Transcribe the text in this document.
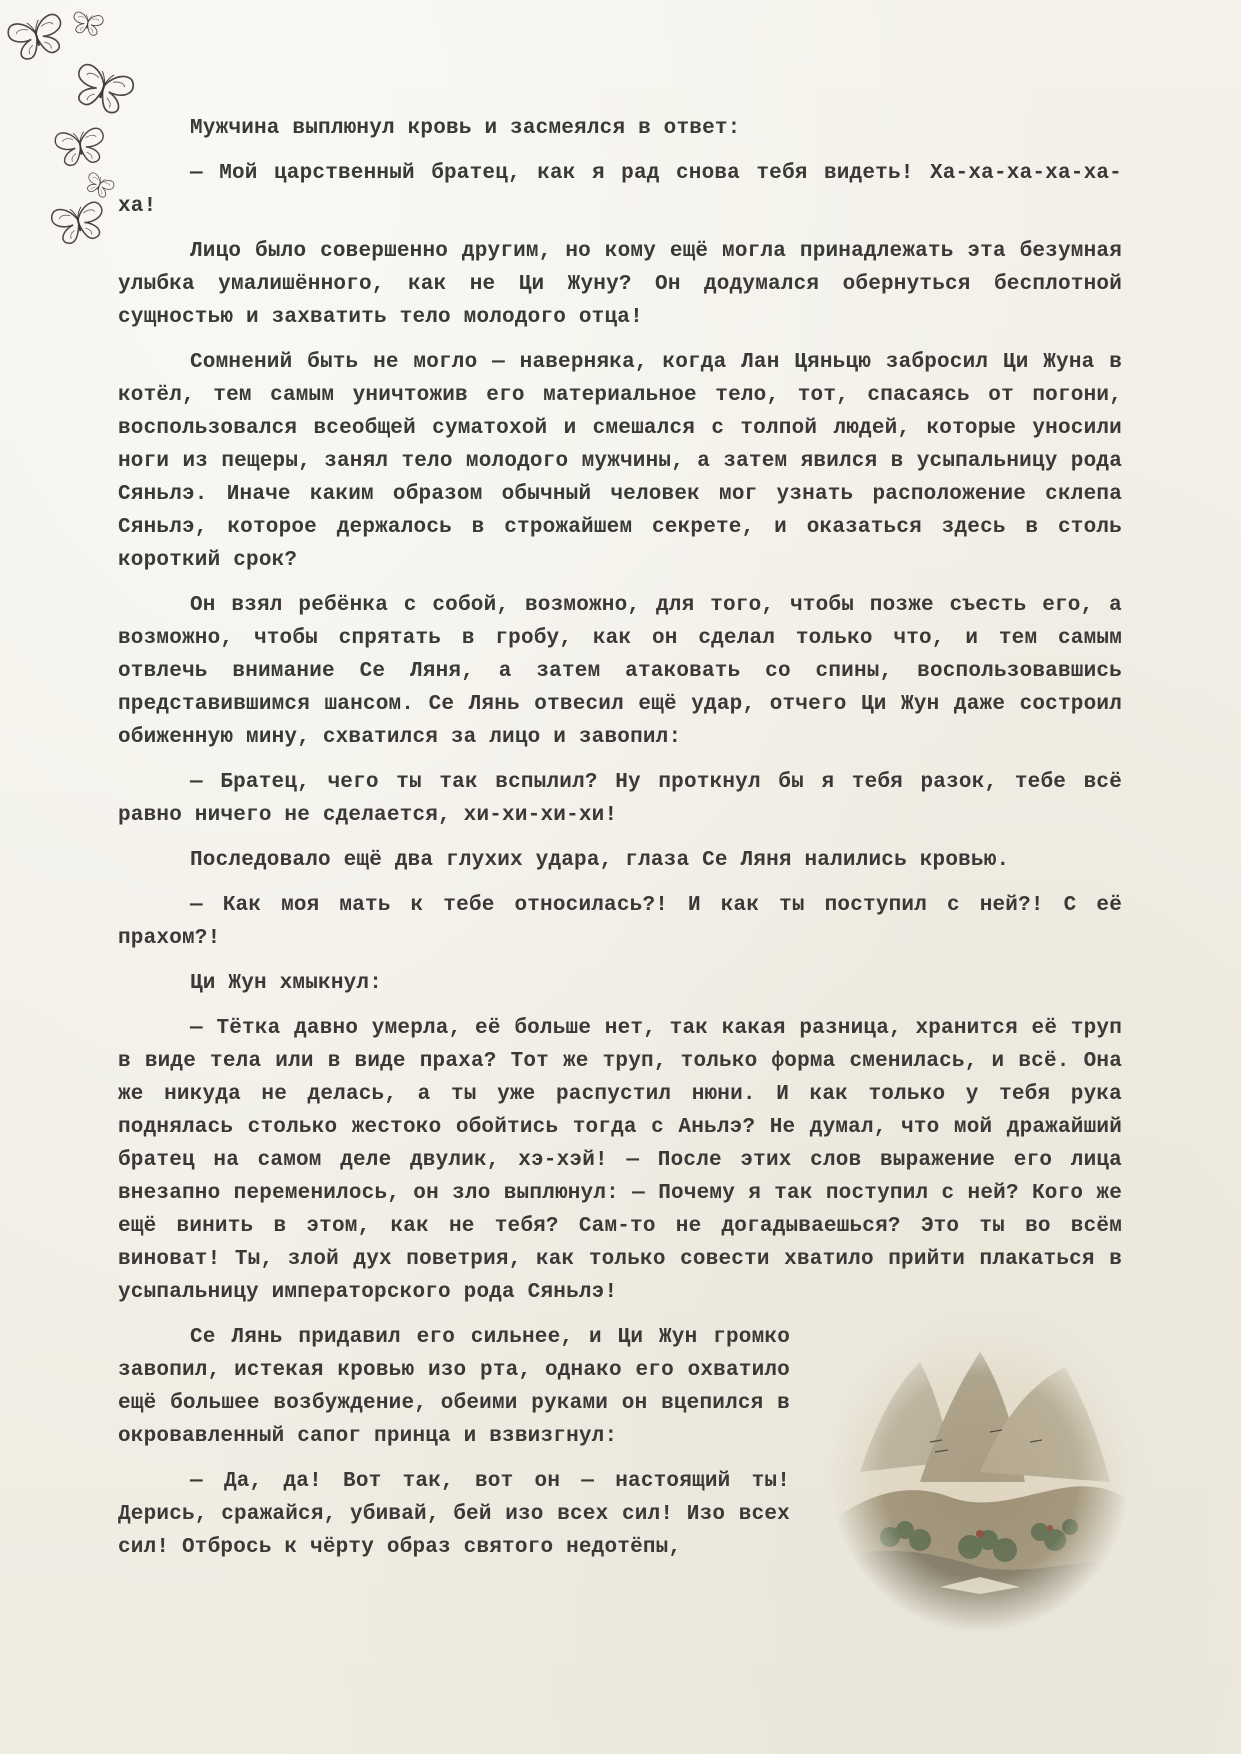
Мужчина выплюнул кровь и засмеялся в ответ:

— Мой царственный братец, как я рад снова тебя видеть! Ха-ха-ха-ха-ха-ха!

Лицо было совершенно другим, но кому ещё могла принадлежать эта безумная улыбка умалишённого, как не Ци Жуну? Он додумался обернуться бесплотной сущностью и захватить тело молодого отца!

Сомнений быть не могло — наверняка, когда Лан Цяньцю забросил Ци Жуна в котёл, тем самым уничтожив его материальное тело, тот, спасаясь от погони, воспользовался всеобщей суматохой и смешался с толпой людей, которые уносили ноги из пещеры, занял тело молодого мужчины, а затем явился в усыпальницу рода Сяньлэ. Иначе каким образом обычный человек мог узнать расположение склепа Сяньлэ, которое держалось в строжайшем секрете, и оказаться здесь в столь короткий срок?

Он взял ребёнка с собой, возможно, для того, чтобы позже съесть его, а возможно, чтобы спрятать в гробу, как он сделал только что, и тем самым отвлечь внимание Се Ляня, а затем атаковать со спины, воспользовавшись представившимся шансом. Се Лянь отвесил ещё удар, отчего Ци Жун даже состроил обиженную мину, схватился за лицо и завопил:

— Братец, чего ты так вспылил? Ну проткнул бы я тебя разок, тебе всё равно ничего не сделается, хи-хи-хи-хи!

Последовало ещё два глухих удара, глаза Се Ляня налились кровью.

— Как моя мать к тебе относилась?! И как ты поступил с ней?! С её прахом?!

Ци Жун хмыкнул:

— Тётка давно умерла, её больше нет, так какая разница, хранится её труп в виде тела или в виде праха? Тот же труп, только форма сменилась, и всё. Она же никуда не делась, а ты уже распустил нюни. И как только у тебя рука поднялась столько жестоко обойтись тогда с Аньлэ? Не думал, что мой дражайший братец на самом деле двулик, хэ-хэй! — После этих слов выражение его лица внезапно переменилось, он зло выплюнул: — Почему я так поступил с ней? Кого же ещё винить в этом, как не тебя? Сам-то не догадываешься? Это ты во всём виноват! Ты, злой дух поветрия, как только совести хватило прийти плакаться в усыпальницу императорского рода Сяньлэ!

Се Лянь придавил его сильнее, и Ци Жун громко завопил, истекая кровью изо рта, однако его охватило ещё большее возбуждение, обеими руками он вцепился в окровавленный сапог принца и взвизгнул:

— Да, да! Вот так, вот он — настоящий ты! Дерись, сражайся, убивай, бей изо всех сил! Изо всех сил! Отбрось к чёрту образ святого недотёпы,
